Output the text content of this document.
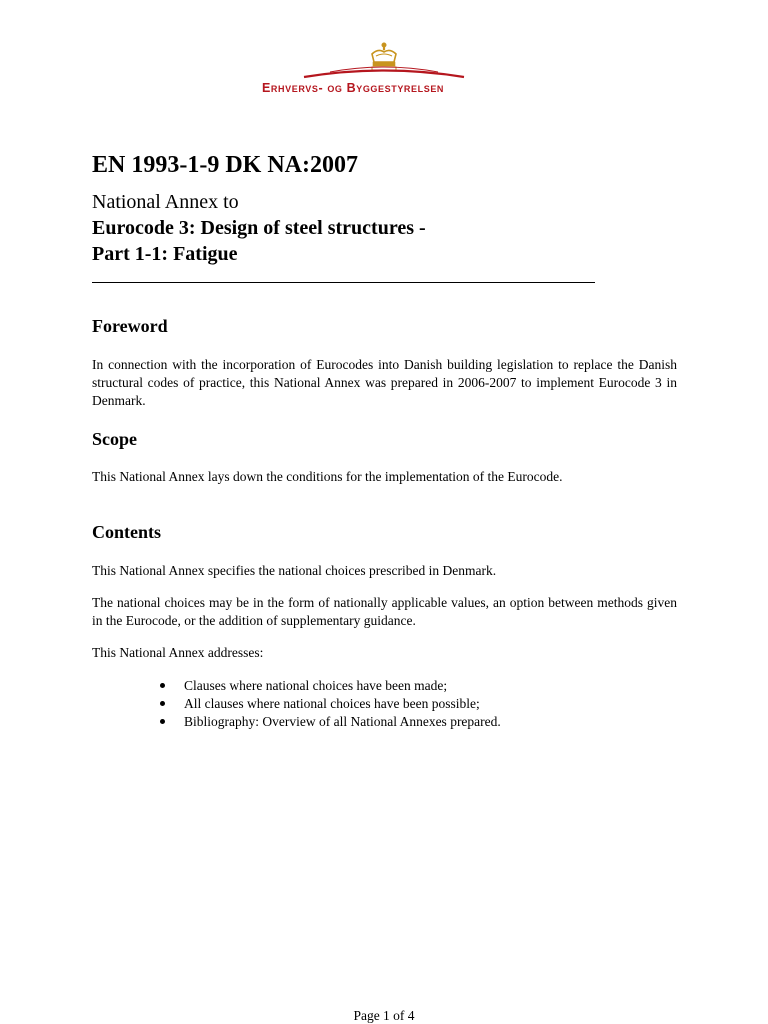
Erhvervs- og Byggestyrelsen
EN 1993-1-9 DK NA:2007
National Annex to
Eurocode 3: Design of steel structures -
Part 1-1: Fatigue
Foreword
In connection with the incorporation of Eurocodes into Danish building legislation to replace the Danish structural codes of practice, this National Annex was prepared in 2006-2007 to implement Eurocode 3 in Denmark.
Scope
This National Annex lays down the conditions for the implementation of the Eurocode.
Contents
This National Annex specifies the national choices prescribed in Denmark.
The national choices may be in the form of nationally applicable values, an option between methods given in the Eurocode, or the addition of supplementary guidance.
This National Annex addresses:
Clauses where national choices have been made;
All clauses where national choices have been possible;
Bibliography: Overview of all National Annexes prepared.
Page 1 of 4
